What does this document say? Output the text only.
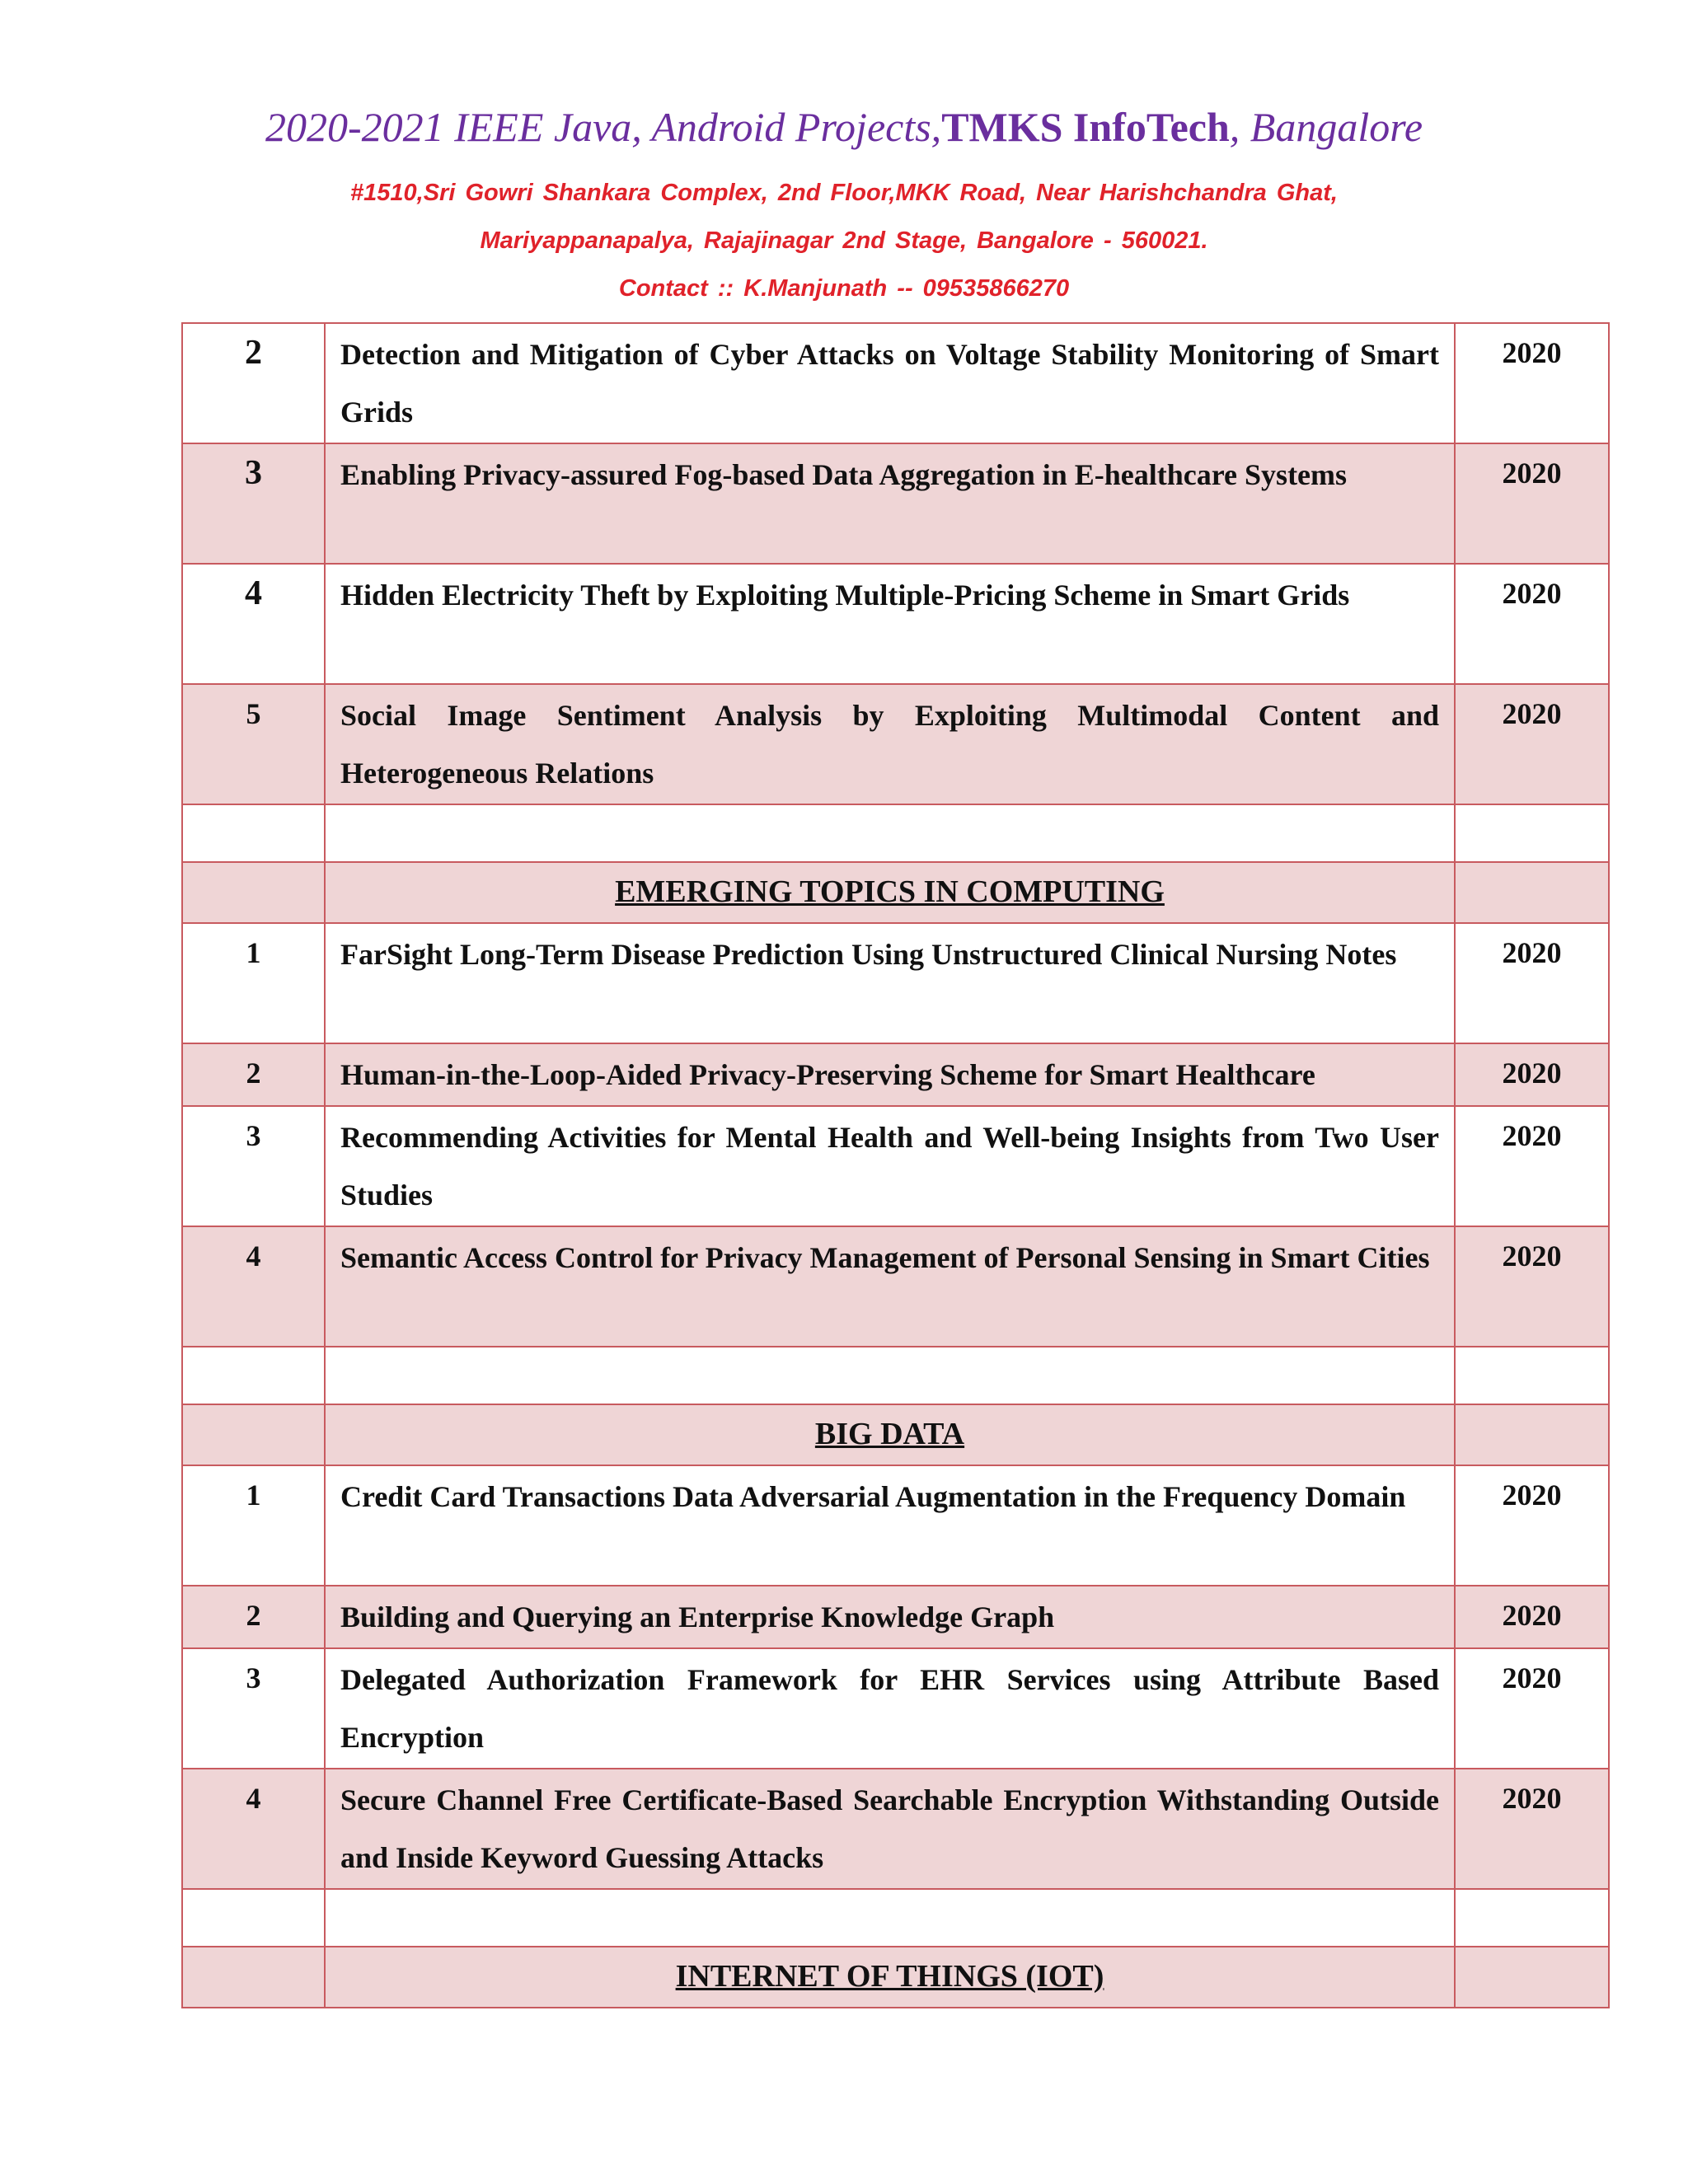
2020-2021 IEEE Java, Android Projects,TMKS InfoTech, Bangalore
#1510,Sri Gowri Shankara Complex, 2nd Floor,MKK Road, Near Harishchandra Ghat,
Mariyappanapalya, Rajajinagar 2nd Stage, Bangalore - 560021.
Contact :: K.Manjunath -- 09535866270
2	Detection and Mitigation of Cyber Attacks on Voltage Stability Monitoring of Smart Grids	2020
3	Enabling Privacy-assured Fog-based Data Aggregation in E-healthcare Systems	2020
4	Hidden Electricity Theft by Exploiting Multiple-Pricing Scheme in Smart Grids	2020
5	Social Image Sentiment Analysis by Exploiting Multimodal Content and Heterogeneous Relations	2020

	EMERGING TOPICS IN COMPUTING	
1	FarSight Long-Term Disease Prediction Using Unstructured Clinical Nursing Notes	2020
2	Human-in-the-Loop-Aided Privacy-Preserving Scheme for Smart Healthcare	2020
3	Recommending Activities for Mental Health and Well-being Insights from Two User Studies	2020
4	Semantic Access Control for Privacy Management of Personal Sensing in Smart Cities	2020

	BIG DATA	
1	Credit Card Transactions Data Adversarial Augmentation in the Frequency Domain	2020
2	Building and Querying an Enterprise Knowledge Graph	2020
3	Delegated Authorization Framework for EHR Services using Attribute Based Encryption	2020
4	Secure Channel Free Certificate-Based Searchable Encryption Withstanding Outside and Inside Keyword Guessing Attacks	2020

	INTERNET OF THINGS (IOT)	
